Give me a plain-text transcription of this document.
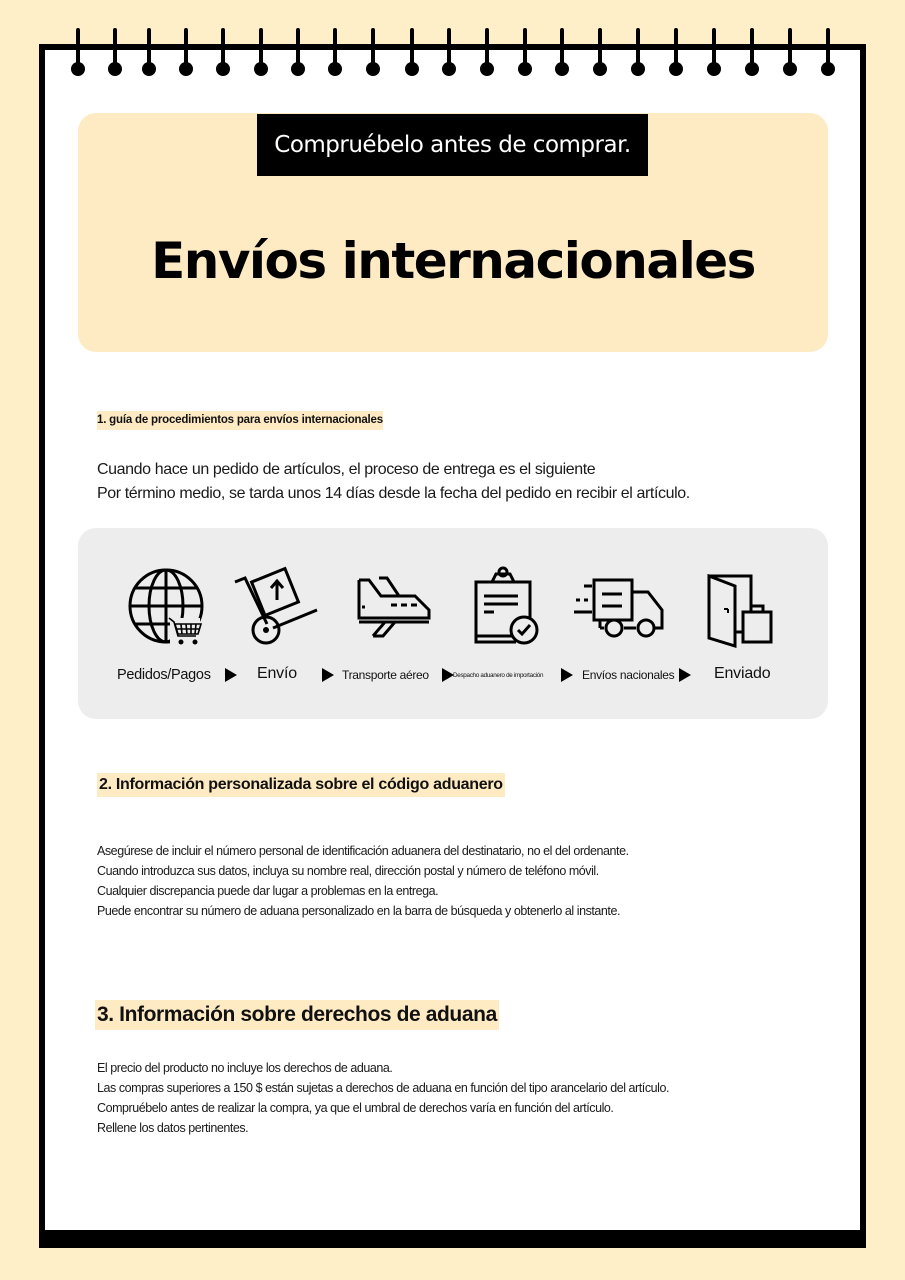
Compruébelo antes de comprar.
Envíos internacionales
1. guía de procedimientos para envíos internacionales

Cuando hace un pedido de artículos, el proceso de entrega es el siguiente

Por término medio, se tarda unos 14 días desde la fecha del pedido en recibir el artículo.

Pedidos/Pagos	Envío	Transporte aéreo	Despacho aduanero de importación	Envíos nacionales Enviado
2. Información personalizada sobre el código aduanero

Asegúrese de incluir el número personal de identificación aduanera del destinatario, no el del ordenante.

Cuando introduzca sus datos, incluya su nombre real, dirección postal y número de teléfono móvil.

Cualquier discrepancia puede dar lugar a problemas en la entrega.

Puede encontrar su número de aduana personalizado en la barra de búsqueda y obtenerlo al instante.

3. Información sobre derechos de aduana

El precio del producto no incluye los derechos de aduana.

Las compras superiores a 150 $ están sujetas a derechos de aduana en función del tipo arancelario del artículo.

Compruébelo antes de realizar la compra, ya que el umbral de derechos varía en función del artículo.

Rellene los datos pertinentes.
